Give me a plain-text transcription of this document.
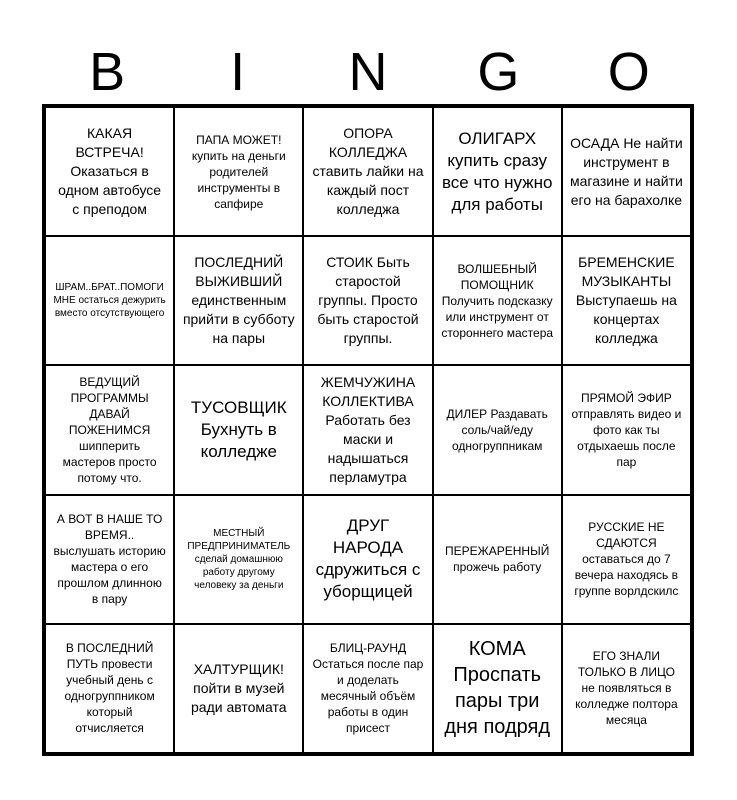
B	I	N	G	O
КАКАЯ ВСТРЕЧА! Оказаться в одном автобусе с преподом
ПАПА МОЖЕТ! купить на деньги родителей инструменты в сапфире
ОПОРА КОЛЛЕДЖА ставить лайки на каждый пост колледжа
ОЛИГАРХ купить сразу все что нужно для работы
ОСАДА Не найти инструмент в магазине и найти его на барахолке
ШРАМ..БРАТ..ПОМОГИ МНЕ остаться дежурить вместо отсутствующего
ПОСЛЕДНИЙ ВЫЖИВШИЙ единственным прийти в субботу на пары
СТОИК Быть старостой группы. Просто быть старостой группы.
ВОЛШЕБНЫЙ ПОМОЩНИК Получить подсказку или инструмент от стороннего мастера
БРЕМЕНСКИЕ МУЗЫКАНТЫ Выступаешь на концертах колледжа
ВЕДУЩИЙ ПРОГРАММЫ ДАВАЙ ПОЖЕНИМСЯ шипперить мастеров просто потому что.
ТУСОВЩИК Бухнуть в колледже
ЖЕМЧУЖИНА КОЛЛЕКТИВА Работать без маски и надышаться перламутра
ДИЛЕР Раздавать соль/чай/еду одногруппникам
ПРЯМОЙ ЭФИР отправлять видео и фото как ты отдыхаешь после пар
А ВОТ В НАШЕ ТО ВРЕМЯ.. выслушать историю мастера о его прошлом длинною в пару
МЕСТНЫЙ ПРЕДПРИНИМАТЕЛЬ сделай домашнюю работу другому человеку за деньги
ДРУГ НАРОДА сдружиться с уборщицей
ПЕРЕЖАРЕННЫЙ прожечь работу
РУССКИЕ НЕ СДАЮТСЯ оставаться до 7 вечера находясь в группе ворлдскилс
В ПОСЛЕДНИЙ ПУТЬ провести учебный день с одногруппником который отчисляется
ХАЛТУРЩИК! пойти в музей ради автомата
БЛИЦ-РАУНД Остаться после пар и доделать месячный объём работы в один присест
КОМА Проспать пары три дня подряд
ЕГО ЗНАЛИ ТОЛЬКО В ЛИЦО не появляться в колледже полтора месяца
